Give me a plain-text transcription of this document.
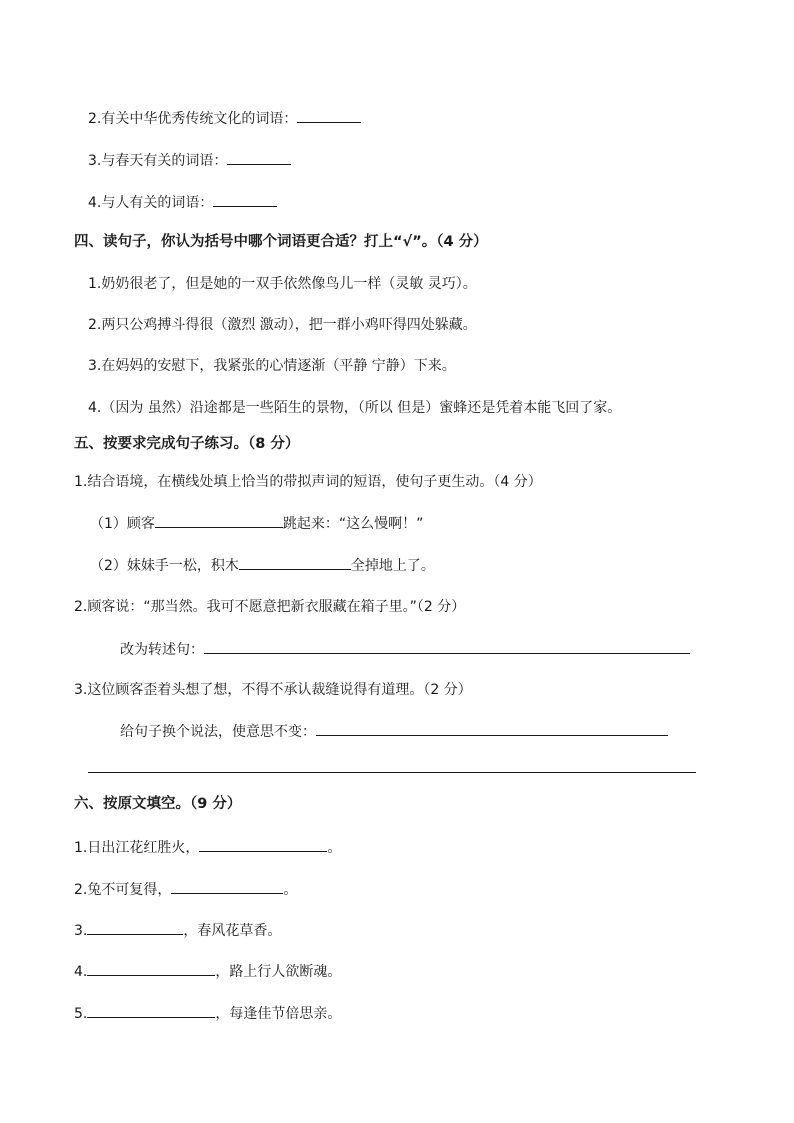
2.有关中华优秀传统文化的词语：
3.与春天有关的词语：
4.与人有关的词语：
四、读句子，你认为括号中哪个词语更合适？打上“√”。（4 分）
1.奶奶很老了，但是她的一双手依然像鸟儿一样（灵敏 灵巧）。
2.两只公鸡搏斗得很（激烈 激动），把一群小鸡吓得四处躲藏。
3.在妈妈的安慰下，我紧张的心情逐渐（平静 宁静）下来。
4.（因为 虽然）沿途都是一些陌生的景物，（所以 但是）蜜蜂还是凭着本能飞回了家。
五、按要求完成句子练习。（8 分）
1.结合语境，在横线处填上恰当的带拟声词的短语，使句子更生动。（4 分）
（1）顾客	跳起来：“这么慢啊！”
（2）妹妹手一松，积木	全掉地上了。
2.顾客说：“那当然。我可不愿意把新衣服藏在箱子里。”（2 分）
改为转述句：
3.这位顾客歪着头想了想，不得不承认裁缝说得有道理。（2 分）
给句子换个说法，使意思不变：
六、按原文填空。（9 分）
1.日出江花红胜火，	。
2.兔不可复得，	。
3.	，春风花草香。
4.	，路上行人欲断魂。
5.	，每逢佳节倍思亲。
